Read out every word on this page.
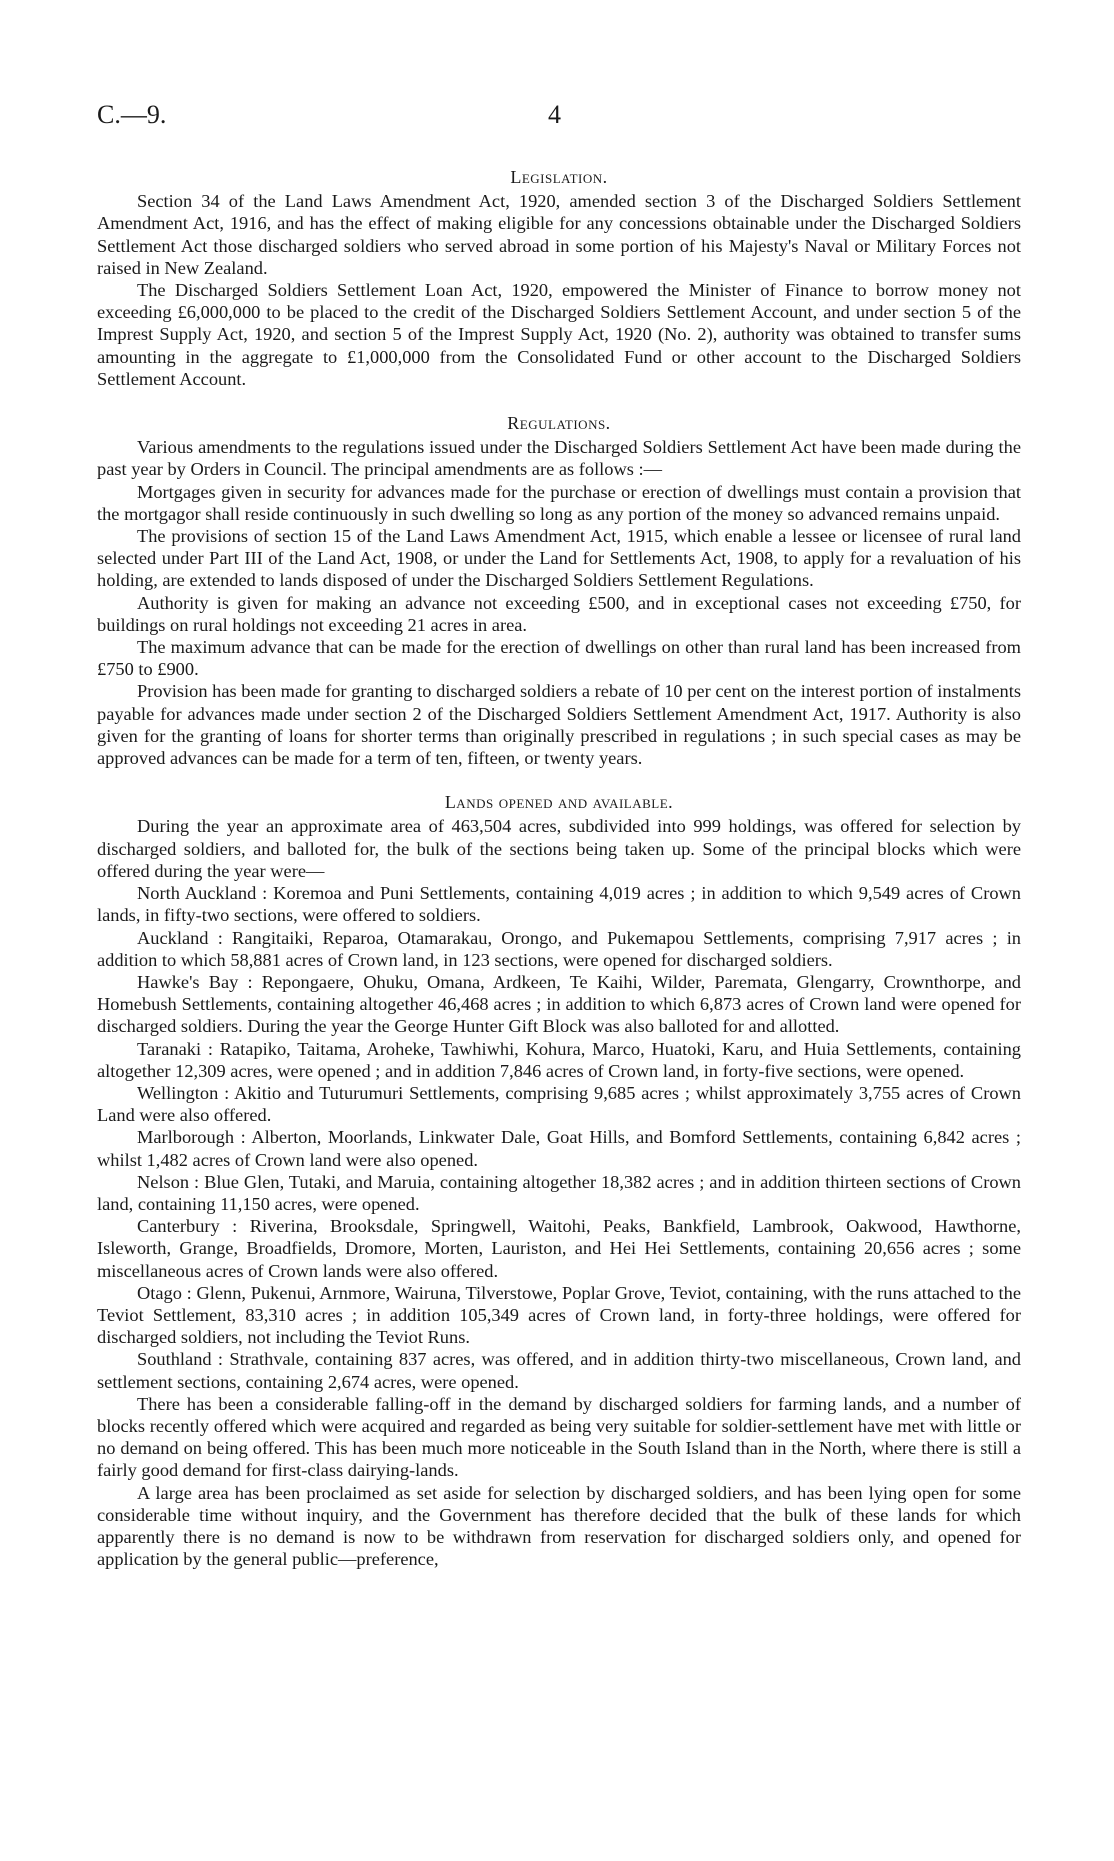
C.—9.	4
Legislation.

Section 34 of the Land Laws Amendment Act, 1920, amended section 3 of the Discharged Soldiers Settlement Amendment Act, 1916, and has the effect of making eligible for any concessions obtainable under the Discharged Soldiers Settlement Act those discharged soldiers who served abroad in some portion of his Majesty's Naval or Military Forces not raised in New Zealand.

The Discharged Soldiers Settlement Loan Act, 1920, empowered the Minister of Finance to borrow money not exceeding £6,000,000 to be placed to the credit of the Discharged Soldiers Settlement Account, and under section 5 of the Imprest Supply Act, 1920, and section 5 of the Imprest Supply Act, 1920 (No. 2), authority was obtained to transfer sums amounting in the aggregate to £1,000,000 from the Consolidated Fund or other account to the Discharged Soldiers Settlement Account.

Regulations.

Various amendments to the regulations issued under the Discharged Soldiers Settlement Act have been made during the past year by Orders in Council. The principal amendments are as follows :—

Mortgages given in security for advances made for the purchase or erection of dwellings must contain a provision that the mortgagor shall reside continuously in such dwelling so long as any portion of the money so advanced remains unpaid.

The provisions of section 15 of the Land Laws Amendment Act, 1915, which enable a lessee or licensee of rural land selected under Part III of the Land Act, 1908, or under the Land for Settlements Act, 1908, to apply for a revaluation of his holding, are extended to lands disposed of under the Discharged Soldiers Settlement Regulations.

Authority is given for making an advance not exceeding £500, and in exceptional cases not exceeding £750, for buildings on rural holdings not exceeding 21 acres in area.

The maximum advance that can be made for the erection of dwellings on other than rural land has been increased from £750 to £900.

Provision has been made for granting to discharged soldiers a rebate of 10 per cent on the interest portion of instalments payable for advances made under section 2 of the Discharged Soldiers Settlement Amendment Act, 1917. Authority is also given for the granting of loans for shorter terms than originally prescribed in regulations ; in such special cases as may be approved advances can be made for a term of ten, fifteen, or twenty years.

Lands opened and available.

During the year an approximate area of 463,504 acres, subdivided into 999 holdings, was offered for selection by discharged soldiers, and balloted for, the bulk of the sections being taken up. Some of the principal blocks which were offered during the year were—

North Auckland : Koremoa and Puni Settlements, containing 4,019 acres ; in addition to which 9,549 acres of Crown lands, in fifty-two sections, were offered to soldiers.

Auckland : Rangitaiki, Reparoa, Otamarakau, Orongo, and Pukemapou Settlements, comprising 7,917 acres ; in addition to which 58,881 acres of Crown land, in 123 sections, were opened for discharged soldiers.

Hawke's Bay : Repongaere, Ohuku, Omana, Ardkeen, Te Kaihi, Wilder, Paremata, Glengarry, Crownthorpe, and Homebush Settlements, containing altogether 46,468 acres ; in addition to which 6,873 acres of Crown land were opened for discharged soldiers. During the year the George Hunter Gift Block was also balloted for and allotted.

Taranaki : Ratapiko, Taitama, Aroheke, Tawhiwhi, Kohura, Marco, Huatoki, Karu, and Huia Settlements, containing altogether 12,309 acres, were opened ; and in addition 7,846 acres of Crown land, in forty-five sections, were opened.

Wellington : Akitio and Tuturumuri Settlements, comprising 9,685 acres ; whilst approximately 3,755 acres of Crown Land were also offered.

Marlborough : Alberton, Moorlands, Linkwater Dale, Goat Hills, and Bomford Settlements, containing 6,842 acres ; whilst 1,482 acres of Crown land were also opened.

Nelson : Blue Glen, Tutaki, and Maruia, containing altogether 18,382 acres ; and in addition thirteen sections of Crown land, containing 11,150 acres, were opened.

Canterbury : Riverina, Brooksdale, Springwell, Waitohi, Peaks, Bankfield, Lambrook, Oakwood, Hawthorne, Isleworth, Grange, Broadfields, Dromore, Morten, Lauriston, and Hei Hei Settlements, containing 20,656 acres ; some miscellaneous acres of Crown lands were also offered.

Otago : Glenn, Pukenui, Arnmore, Wairuna, Tilverstowe, Poplar Grove, Teviot, containing, with the runs attached to the Teviot Settlement, 83,310 acres ; in addition 105,349 acres of Crown land, in forty-three holdings, were offered for discharged soldiers, not including the Teviot Runs.

Southland : Strathvale, containing 837 acres, was offered, and in addition thirty-two miscellaneous, Crown land, and settlement sections, containing 2,674 acres, were opened.

There has been a considerable falling-off in the demand by discharged soldiers for farming lands, and a number of blocks recently offered which were acquired and regarded as being very suitable for soldier-settlement have met with little or no demand on being offered. This has been much more noticeable in the South Island than in the North, where there is still a fairly good demand for first-class dairying-lands.

A large area has been proclaimed as set aside for selection by discharged soldiers, and has been lying open for some considerable time without inquiry, and the Government has therefore decided that the bulk of these lands for which apparently there is no demand is now to be withdrawn from reservation for discharged soldiers only, and opened for application by the general public—preference,
